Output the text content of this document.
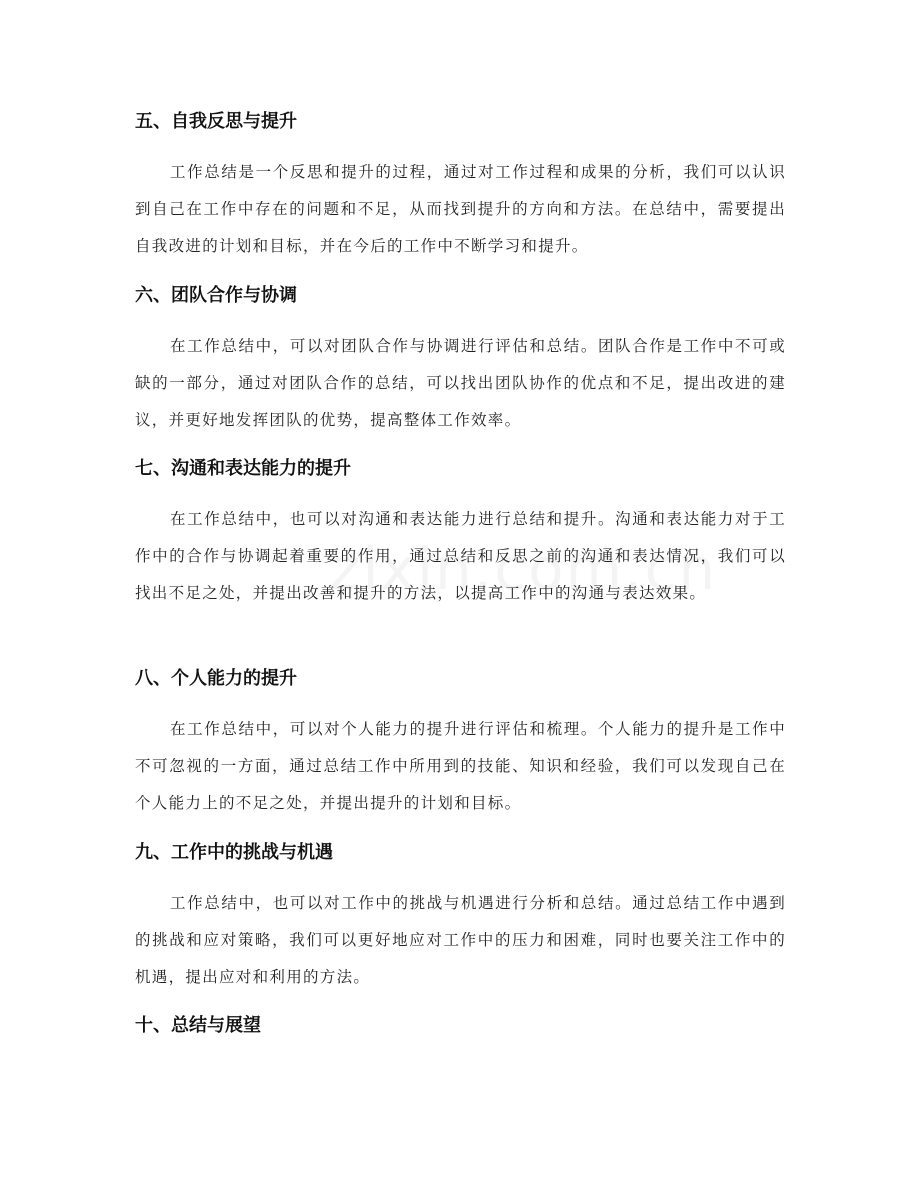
五、自我反思与提升

工作总结是一个反思和提升的过程，通过对工作过程和成果的分析，我们可以认识到自己在工作中存在的问题和不足，从而找到提升的方向和方法。在总结中，需要提出自我改进的计划和目标，并在今后的工作中不断学习和提升。

六、团队合作与协调

在工作总结中，可以对团队合作与协调进行评估和总结。团队合作是工作中不可或缺的一部分，通过对团队合作的总结，可以找出团队协作的优点和不足，提出改进的建议，并更好地发挥团队的优势，提高整体工作效率。

七、沟通和表达能力的提升

在工作总结中，也可以对沟通和表达能力进行总结和提升。沟通和表达能力对于工作中的合作与协调起着重要的作用，通过总结和反思之前的沟通和表达情况，我们可以找出不足之处，并提出改善和提升的方法，以提高工作中的沟通与表达效果。

八、个人能力的提升

在工作总结中，可以对个人能力的提升进行评估和梳理。个人能力的提升是工作中不可忽视的一方面，通过总结工作中所用到的技能、知识和经验，我们可以发现自己在个人能力上的不足之处，并提出提升的计划和目标。

九、工作中的挑战与机遇

工作总结中，也可以对工作中的挑战与机遇进行分析和总结。通过总结工作中遇到的挑战和应对策略，我们可以更好地应对工作中的压力和困难，同时也要关注工作中的机遇，提出应对和利用的方法。

十、总结与展望
